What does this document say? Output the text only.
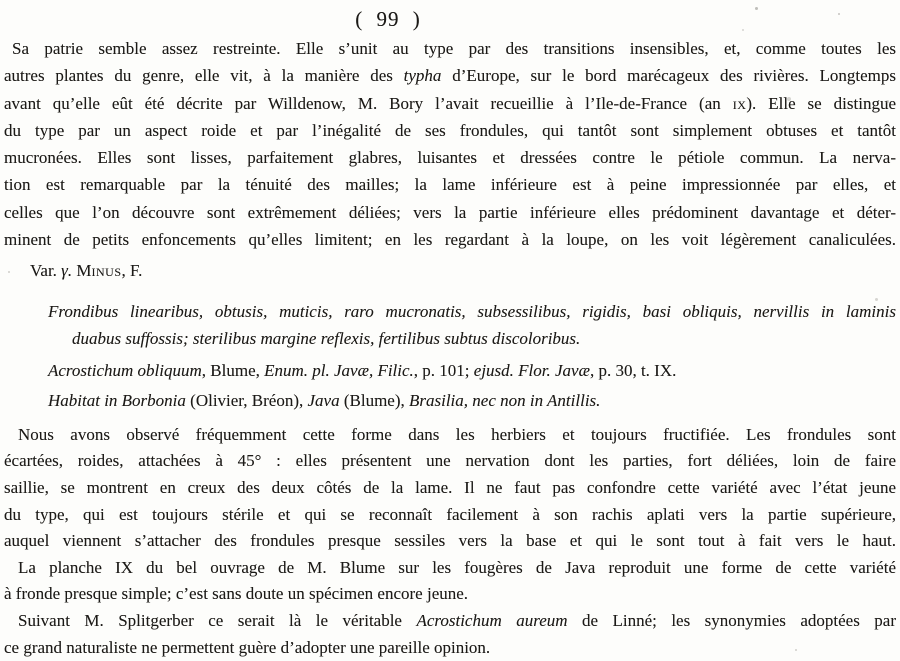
( 99 )
Sa patrie semble assez restreinte. Elle s’unit au type par des transitions insensibles, et, comme toutes les
autres plantes du genre, elle vit, à la manière des typha d’Europe, sur le bord marécageux des rivières. Longtemps
avant qu’elle eût été décrite par Willdenow, M. Bory l’avait recueillie à l’Ile-de-France (an ix). Elle se distingue
du type par un aspect roide et par l’inégalité de ses frondules, qui tantôt sont simplement obtuses et tantôt
mucronées. Elles sont lisses, parfaitement glabres, luisantes et dressées contre le pétiole commun. La nerva-
tion est remarquable par la ténuité des mailles; la lame inférieure est à peine impressionnée par elles, et
celles que l’on découvre sont extrêmement déliées; vers la partie inférieure elles prédominent davantage et déter-
minent de petits enfoncements qu’elles limitent; en les regardant à la loupe, on les voit légèrement canaliculées.
Var. γ. Minus, F.
Frondibus linearibus, obtusis, muticis, raro mucronatis, subsessilibus, rigidis, basi obliquis, nervillis in laminis
duabus suffossis; sterilibus margine reflexis, fertilibus subtus discoloribus.
Acrostichum obliquum, Blume, Enum. pl. Javæ, Filic., p. 101; ejusd. Flor. Javæ, p. 30, t. IX.
Habitat in Borbonia (Olivier, Bréon), Java (Blume), Brasilia, nec non in Antillis.
Nous avons observé fréquemment cette forme dans les herbiers et toujours fructifiée. Les frondules sont
écartées, roides, attachées à 45° : elles présentent une nervation dont les parties, fort déliées, loin de faire
saillie, se montrent en creux des deux côtés de la lame. Il ne faut pas confondre cette variété avec l’état jeune
du type, qui est toujours stérile et qui se reconnaît facilement à son rachis aplati vers la partie supérieure,
auquel viennent s’attacher des frondules presque sessiles vers la base et qui le sont tout à fait vers le haut.
La planche IX du bel ouvrage de M. Blume sur les fougères de Java reproduit une forme de cette variété
à fronde presque simple; c’est sans doute un spécimen encore jeune.
Suivant M. Splitgerber ce serait là le véritable Acrostichum aureum de Linné; les synonymies adoptées par
ce grand naturaliste ne permettent guère d’adopter une pareille opinion.
